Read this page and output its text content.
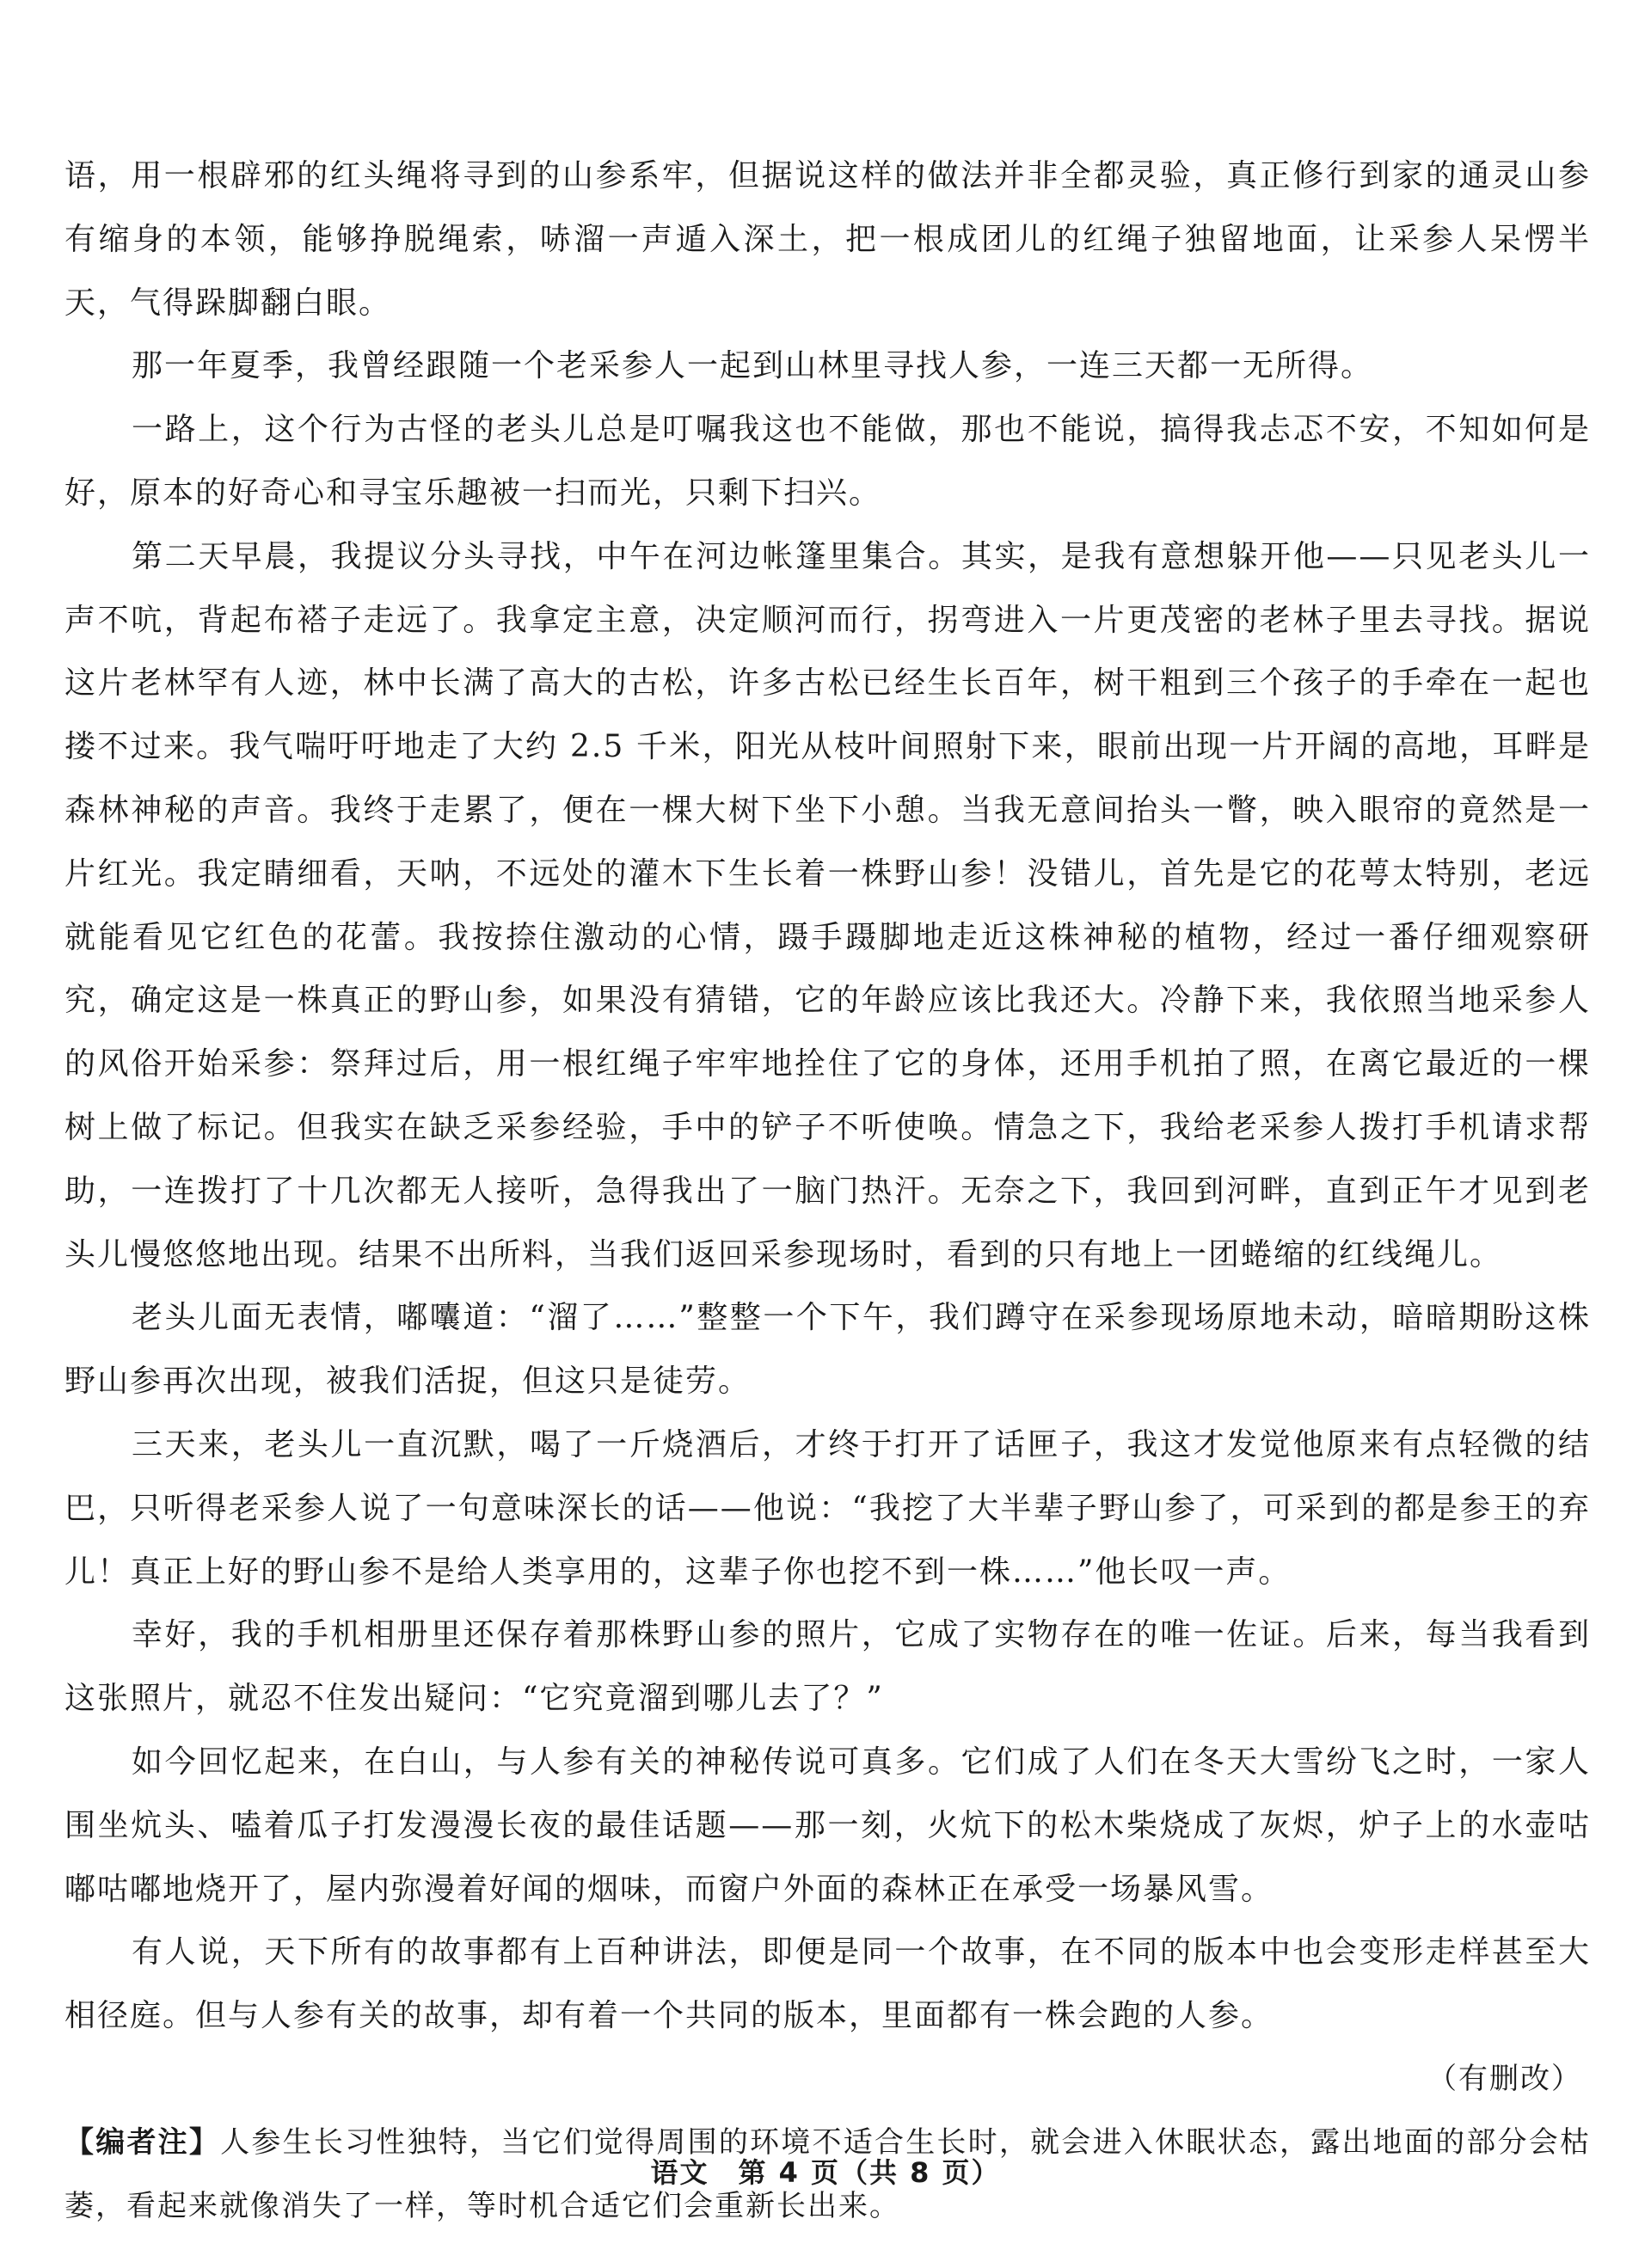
语，用一根辟邪的红头绳将寻到的山参系牢，但据说这样的做法并非全都灵验，真正修行到家的通灵山参有缩身的本领，能够挣脱绳索，哧溜一声遁入深土，把一根成团儿的红绳子独留地面，让采参人呆愣半天，气得跺脚翻白眼。

那一年夏季，我曾经跟随一个老采参人一起到山林里寻找人参，一连三天都一无所得。

一路上，这个行为古怪的老头儿总是叮嘱我这也不能做，那也不能说，搞得我忐忑不安，不知如何是好，原本的好奇心和寻宝乐趣被一扫而光，只剩下扫兴。

第二天早晨，我提议分头寻找，中午在河边帐篷里集合。其实，是我有意想躲开他——只见老头儿一声不吭，背起布褡子走远了。我拿定主意，决定顺河而行，拐弯进入一片更茂密的老林子里去寻找。据说这片老林罕有人迹，林中长满了高大的古松，许多古松已经生长百年，树干粗到三个孩子的手牵在一起也搂不过来。我气喘吁吁地走了大约 2.5 千米，阳光从枝叶间照射下来，眼前出现一片开阔的高地，耳畔是森林神秘的声音。我终于走累了，便在一棵大树下坐下小憩。当我无意间抬头一瞥，映入眼帘的竟然是一片红光。我定睛细看，天呐，不远处的灌木下生长着一株野山参！没错儿，首先是它的花萼太特别，老远就能看见它红色的花蕾。我按捺住激动的心情，蹑手蹑脚地走近这株神秘的植物，经过一番仔细观察研究，确定这是一株真正的野山参，如果没有猜错，它的年龄应该比我还大。冷静下来，我依照当地采参人的风俗开始采参：祭拜过后，用一根红绳子牢牢地拴住了它的身体，还用手机拍了照，在离它最近的一棵树上做了标记。但我实在缺乏采参经验，手中的铲子不听使唤。情急之下，我给老采参人拨打手机请求帮助，一连拨打了十几次都无人接听，急得我出了一脑门热汗。无奈之下，我回到河畔，直到正午才见到老头儿慢悠悠地出现。结果不出所料，当我们返回采参现场时，看到的只有地上一团蜷缩的红线绳儿。

老头儿面无表情，嘟囔道：“溜了……”整整一个下午，我们蹲守在采参现场原地未动，暗暗期盼这株野山参再次出现，被我们活捉，但这只是徒劳。

三天来，老头儿一直沉默，喝了一斤烧酒后，才终于打开了话匣子，我这才发觉他原来有点轻微的结巴，只听得老采参人说了一句意味深长的话——他说：“我挖了大半辈子野山参了，可采到的都是参王的弃儿！真正上好的野山参不是给人类享用的，这辈子你也挖不到一株……”他长叹一声。

幸好，我的手机相册里还保存着那株野山参的照片，它成了实物存在的唯一佐证。后来，每当我看到这张照片，就忍不住发出疑问：“它究竟溜到哪儿去了？”

如今回忆起来，在白山，与人参有关的神秘传说可真多。它们成了人们在冬天大雪纷飞之时，一家人围坐炕头、嗑着瓜子打发漫漫长夜的最佳话题——那一刻，火炕下的松木柴烧成了灰烬，炉子上的水壶咕嘟咕嘟地烧开了，屋内弥漫着好闻的烟味，而窗户外面的森林正在承受一场暴风雪。

有人说，天下所有的故事都有上百种讲法，即便是同一个故事，在不同的版本中也会变形走样甚至大相径庭。但与人参有关的故事，却有着一个共同的版本，里面都有一株会跑的人参。

（有删改）

【编者注】人参生长习性独特，当它们觉得周围的环境不适合生长时，就会进入休眠状态，露出地面的部分会枯萎，看起来就像消失了一样，等时机合适它们会重新长出来。

语文　第 4 页（共 8 页）
